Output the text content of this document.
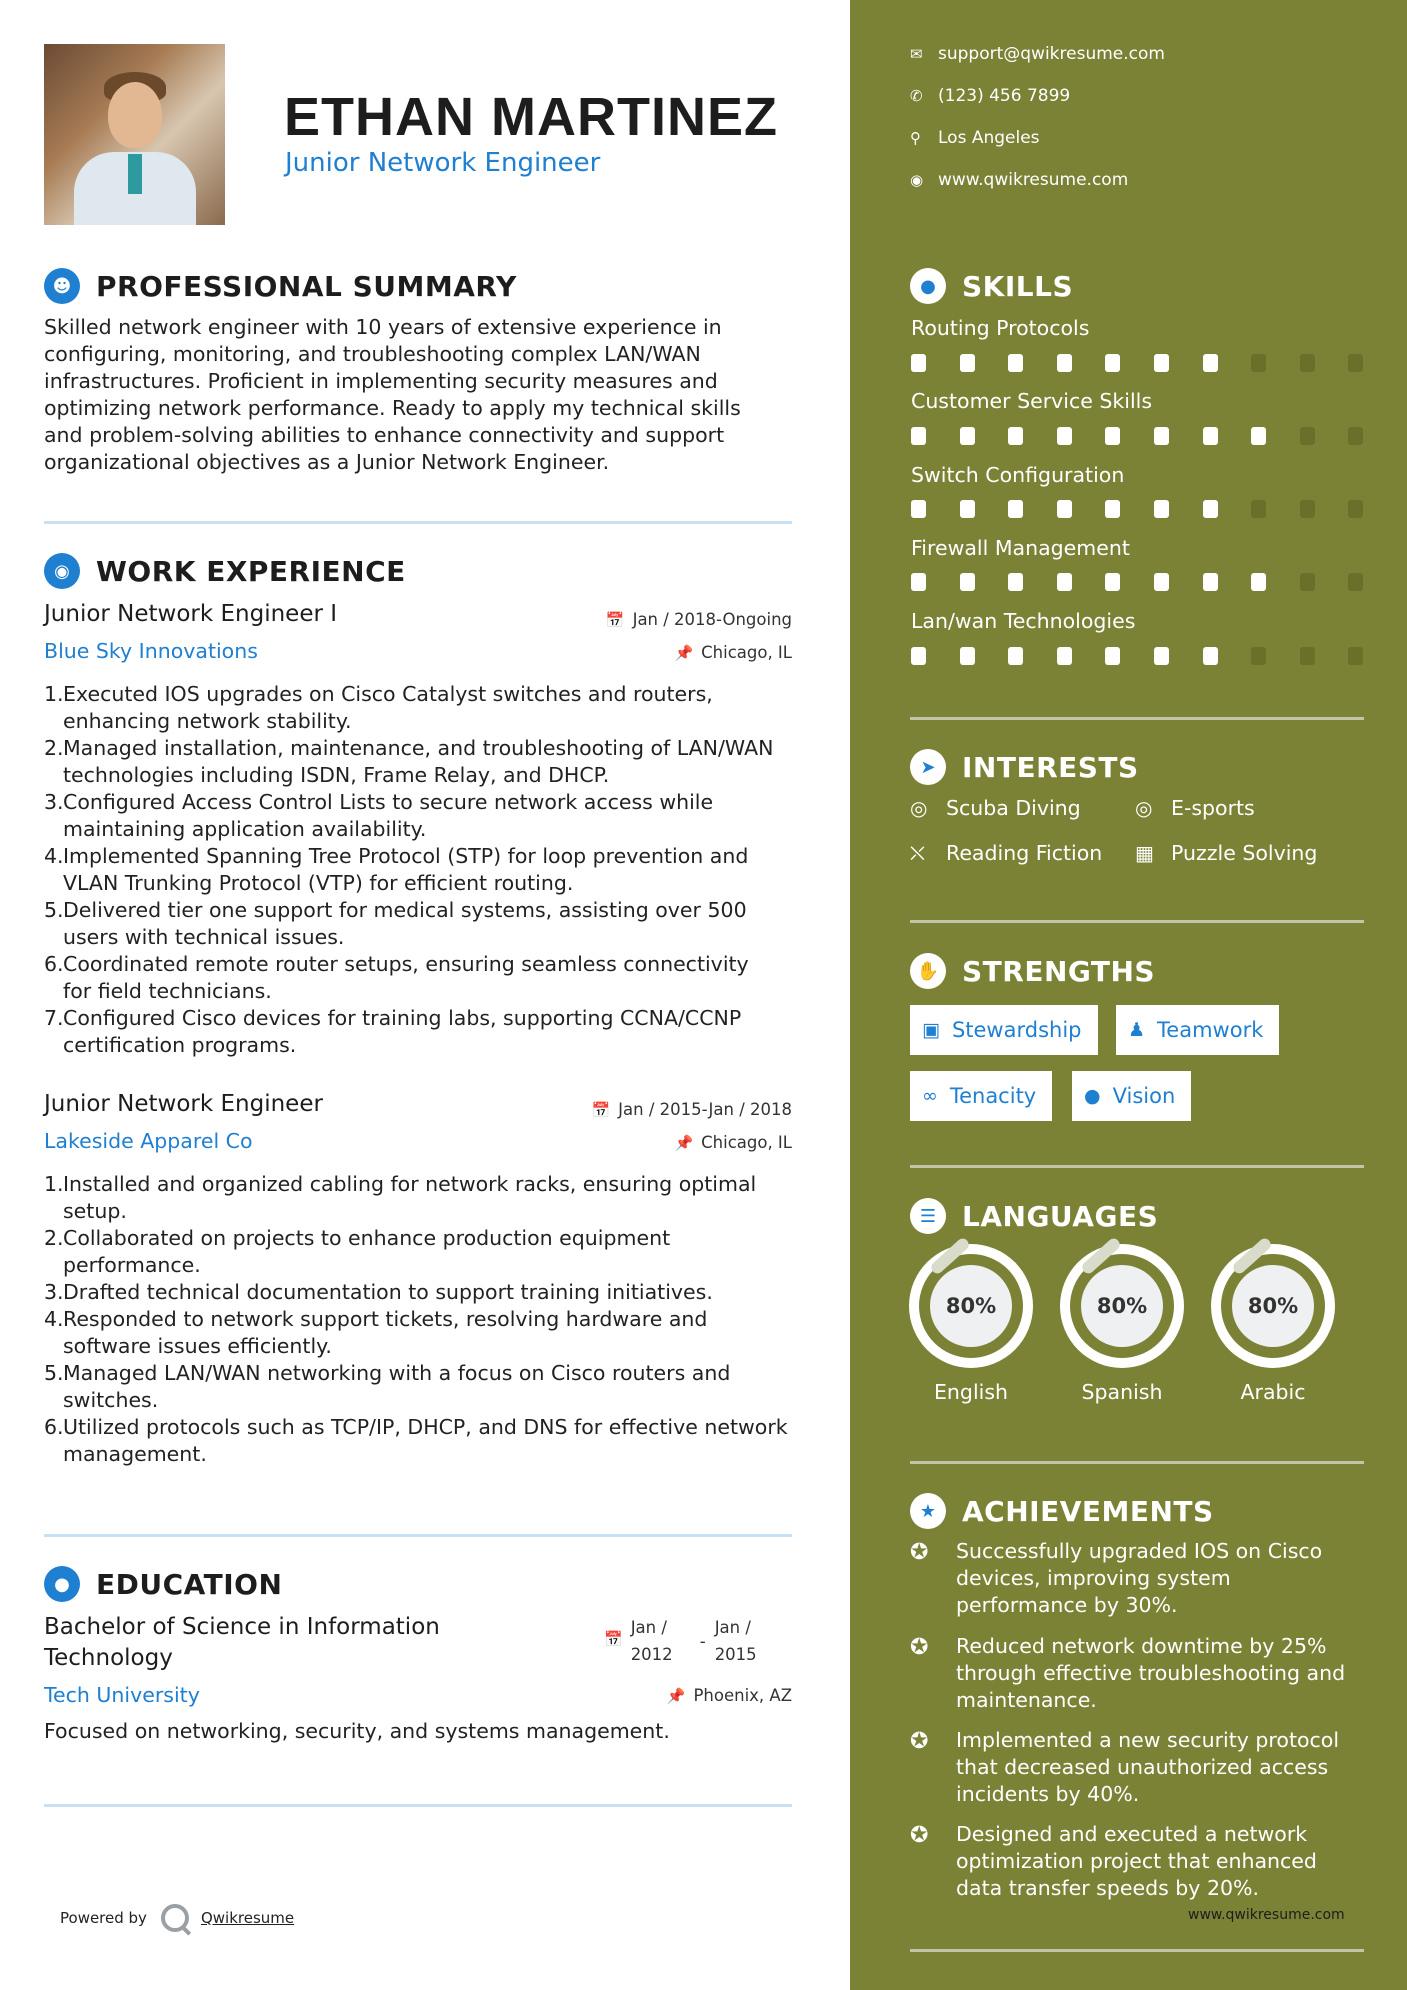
ETHAN MARTINEZ
Junior Network Engineer
☻ PROFESSIONAL SUMMARY
Skilled network engineer with 10 years of extensive experience in
configuring, monitoring, and troubleshooting complex LAN/WAN
infrastructures. Proficient in implementing security measures and
optimizing network performance. Ready to apply my technical skills
and problem-solving abilities to enhance connectivity and support
organizational objectives as a Junior Network Engineer.
◉ WORK EXPERIENCE
Junior Network Engineer I	📅 Jan / 2018-Ongoing
Blue Sky Innovations	📌 Chicago, IL
1. Executed IOS upgrades on Cisco Catalyst switches and routers,
enhancing network stability.
2. Managed installation, maintenance, and troubleshooting of LAN/WAN
technologies including ISDN, Frame Relay, and DHCP.
3. Configured Access Control Lists to secure network access while
maintaining application availability.
4. Implemented Spanning Tree Protocol (STP) for loop prevention and
VLAN Trunking Protocol (VTP) for efficient routing.
5. Delivered tier one support for medical systems, assisting over 500
users with technical issues.
6. Coordinated remote router setups, ensuring seamless connectivity
for field technicians.
7. Configured Cisco devices for training labs, supporting CCNA/CCNP
certification programs.
Junior Network Engineer	📅 Jan / 2015-Jan / 2018
Lakeside Apparel Co	📌 Chicago, IL
1. Installed and organized cabling for network racks, ensuring optimal
setup.
2. Collaborated on projects to enhance production equipment
performance.
3. Drafted technical documentation to support training initiatives.
4. Responded to network support tickets, resolving hardware and
software issues efficiently.
5. Managed LAN/WAN networking with a focus on Cisco routers and
switches.
6. Utilized protocols such as TCP/IP, DHCP, and DNS for effective network
management.
● EDUCATION
Bachelor of Science in Information
Technology
📅
Jan /
2012
-
Jan /
2015
Tech University	📌 Phoenix, AZ
Focused on networking, security, and systems management.
Powered by	Qwikresume
✉ support@qwikresume.com
✆ (123) 456 7899
⚲	Los Angeles
◉ www.qwikresume.com
● SKILLS
Routing Protocols
Customer Service Skills
Switch Configuration
Firewall Management
Lan/wan Technologies
➤ INTERESTS
◎ Scuba Diving	◎ E-sports
⛌	Reading Fiction ▦ Puzzle Solving
✋ STRENGTHS
▣ Stewardship ♟ Teamwork
∞ Tenacity	● Vision
☰ LANGUAGES
80%
English
80%
Spanish
80%
Arabic
★ ACHIEVEMENTS
✪	Successfully upgraded IOS on Cisco
devices, improving system
performance by 30%.
✪	Reduced network downtime by 25%
through effective troubleshooting and
maintenance.
✪	Implemented a new security protocol
that decreased unauthorized access
incidents by 40%.
✪	Designed and executed a network
optimization project that enhanced
data transfer speeds by 20%.
www.qwikresume.com
